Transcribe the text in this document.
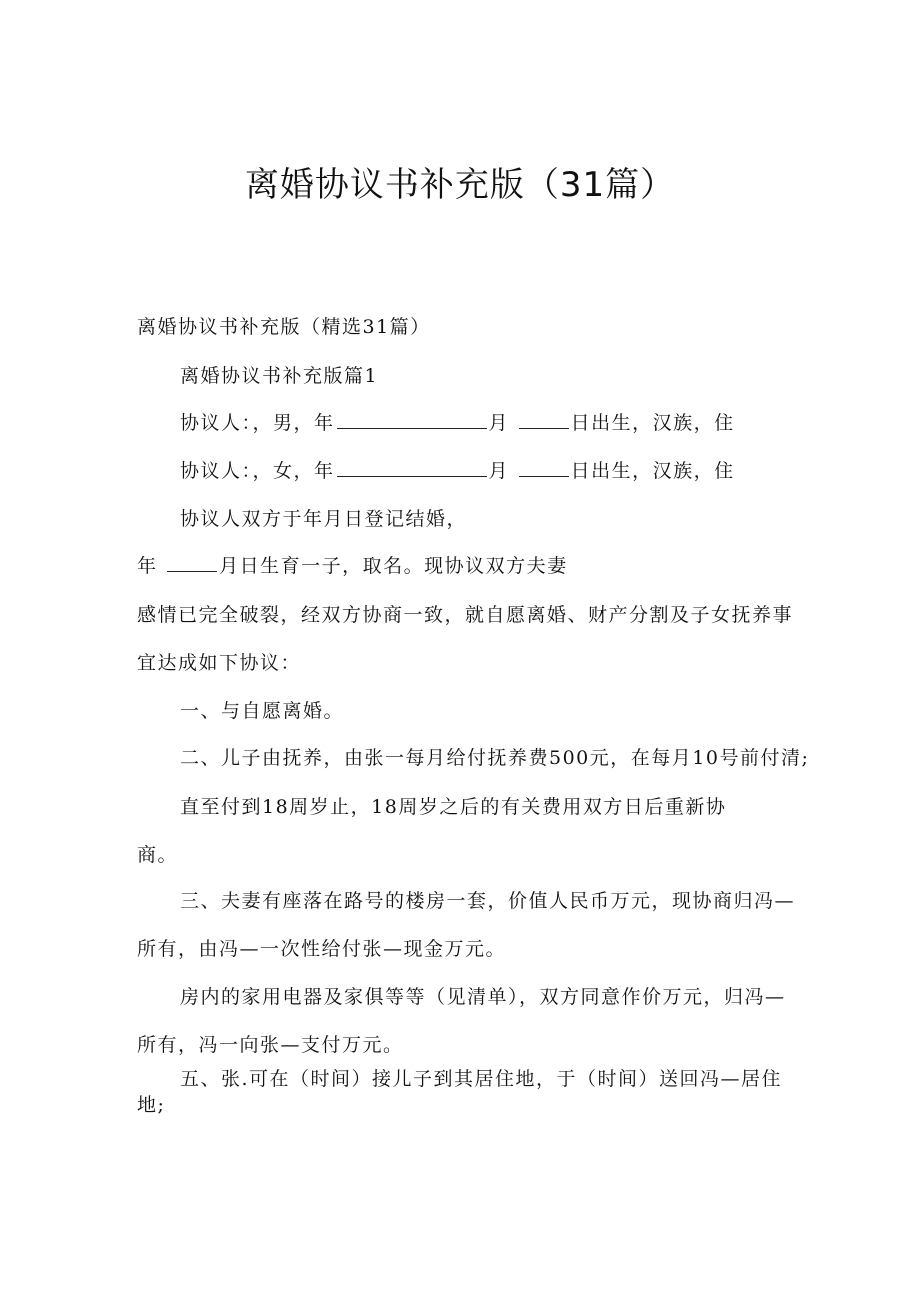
离婚协议书补充版（31篇）
离婚协议书补充版（精选31篇）
离婚协议书补充版篇1
协议人：，男，年	月	日出生，汉族，住
协议人：，女，年	月	日出生，汉族，住
协议人双方于年月日登记结婚，
年	月日生育一子，取名。现协议双方夫妻
感情已完全破裂，经双方协商一致，就自愿离婚、财产分割及子女抚养事
宜达成如下协议：
一、与自愿离婚。
二、儿子由抚养，由张一每月给付抚养费500元，在每月10号前付清;
直至付到18周岁止，18周岁之后的有关费用双方日后重新协
商。
三、夫妻有座落在路号的楼房一套，价值人民币万元，现协商归冯—
所有，由冯—一次性给付张—现金万元。
房内的家用电器及家俱等等（见清单），双方同意作价万元，归冯—
所有，冯一向张—支付万元。
五、张.可在（时间）接儿子到其居住地，于（时间）送回冯—居住
地;
